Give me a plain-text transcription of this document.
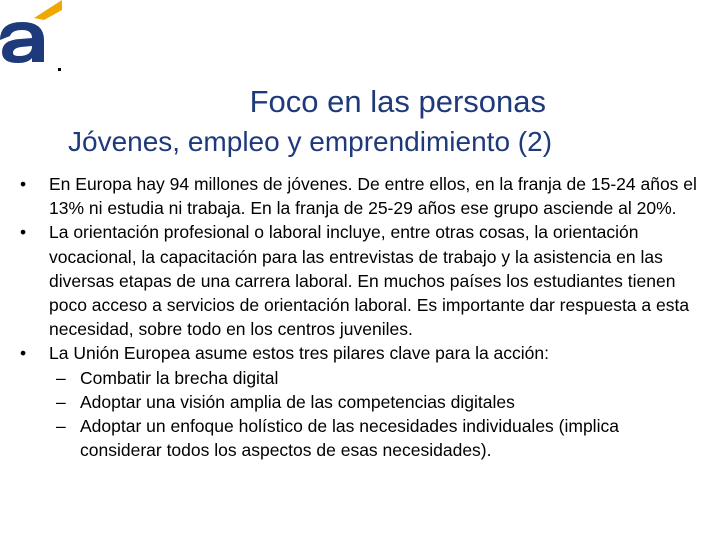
Foco en las personas
Jóvenes, empleo y emprendimiento (2)
• En Europa hay 94 millones de jóvenes. De entre ellos, en la franja de 15-24 años el 13% ni estudia ni trabaja. En la franja de 25-29 años ese grupo asciende al 20%.
• La orientación profesional o laboral incluye, entre otras cosas, la orientación vocacional, la capacitación para las entrevistas de trabajo y la asistencia en las diversas etapas de una carrera laboral. En muchos países los estudiantes tienen poco acceso a servicios de orientación laboral. Es importante dar respuesta a esta necesidad, sobre todo en los centros juveniles.
• La Unión Europea asume estos tres pilares clave para la acción:
– Combatir la brecha digital
– Adoptar una visión amplia de las competencias digitales
– Adoptar un enfoque holístico de las necesidades individuales (implica considerar todos los aspectos de esas necesidades).
